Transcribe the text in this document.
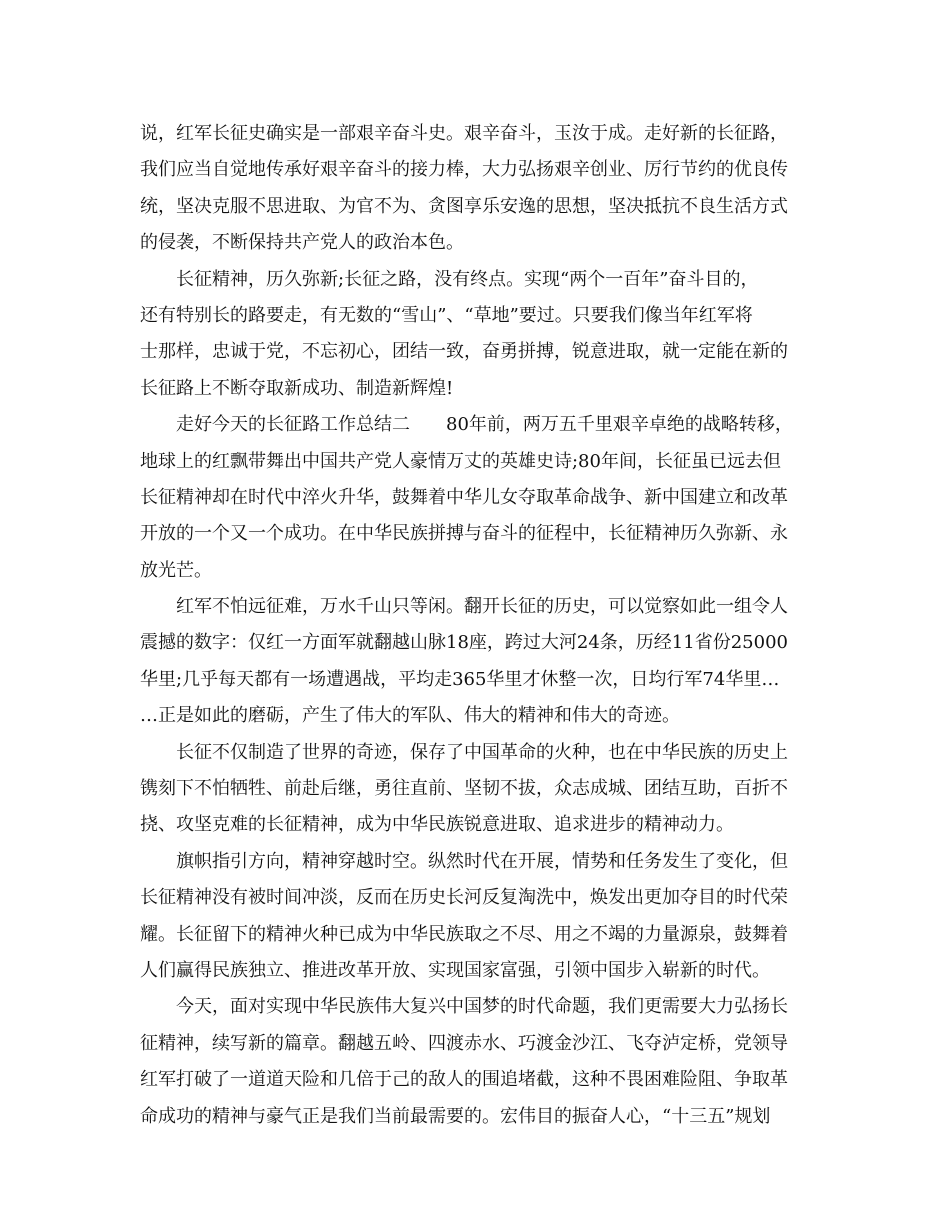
说，红军长征史确实是一部艰辛奋斗史。艰辛奋斗，玉汝于成。走好新的长征路，
我们应当自觉地传承好艰辛奋斗的接力棒，大力弘扬艰辛创业、厉行节约的优良传
统，坚决克服不思进取、为官不为、贪图享乐安逸的思想，坚决抵抗不良生活方式
的侵袭，不断保持共产党人的政治本色。
长征精神，历久弥新;长征之路，没有终点。实现“两个一百年”奋斗目的，
还有特别长的路要走，有无数的“雪山”、“草地”要过。只要我们像当年红军将
士那样，忠诚于党，不忘初心，团结一致，奋勇拼搏，锐意进取，就一定能在新的
长征路上不断夺取新成功、制造新辉煌!
走好今天的长征路工作总结二　　80年前，两万五千里艰辛卓绝的战略转移，
地球上的红飘带舞出中国共产党人豪情万丈的英雄史诗;80年间，长征虽已远去但
长征精神却在时代中淬火升华，鼓舞着中华儿女夺取革命战争、新中国建立和改革
开放的一个又一个成功。在中华民族拼搏与奋斗的征程中，长征精神历久弥新、永
放光芒。
红军不怕远征难，万水千山只等闲。翻开长征的历史，可以觉察如此一组令人
震撼的数字：仅红一方面军就翻越山脉18座，跨过大河24条，历经11省份25000
华里;几乎每天都有一场遭遇战，平均走365华里才休整一次，日均行军74华里…
…正是如此的磨砺，产生了伟大的军队、伟大的精神和伟大的奇迹。
长征不仅制造了世界的奇迹，保存了中国革命的火种，也在中华民族的历史上
镌刻下不怕牺牲、前赴后继，勇往直前、坚韧不拔，众志成城、团结互助，百折不
挠、攻坚克难的长征精神，成为中华民族锐意进取、追求进步的精神动力。
旗帜指引方向，精神穿越时空。纵然时代在开展，情势和任务发生了变化，但
长征精神没有被时间冲淡，反而在历史长河反复淘洗中，焕发出更加夺目的时代荣
耀。长征留下的精神火种已成为中华民族取之不尽、用之不竭的力量源泉，鼓舞着
人们赢得民族独立、推进改革开放、实现国家富强，引领中国步入崭新的时代。
今天，面对实现中华民族伟大复兴中国梦的时代命题，我们更需要大力弘扬长
征精神，续写新的篇章。翻越五岭、四渡赤水、巧渡金沙江、飞夺泸定桥，党领导
红军打破了一道道天险和几倍于己的敌人的围追堵截，这种不畏困难险阻、争取革
命成功的精神与豪气正是我们当前最需要的。宏伟目的振奋人心，“十三五”规划
